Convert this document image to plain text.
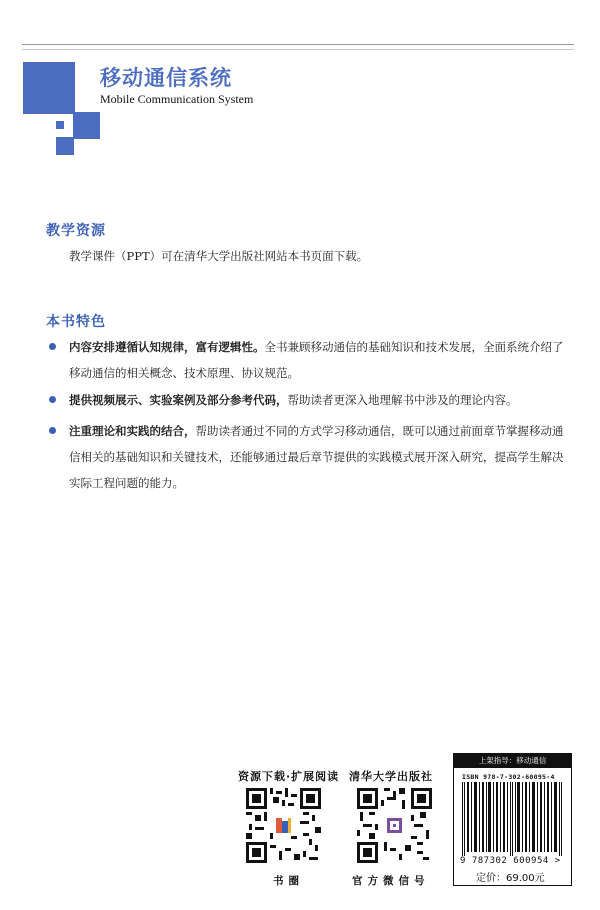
移动通信系统
Mobile Communication System
教学资源
教学课件（PPT）可在清华大学出版社网站本书页面下载。
本书特色
内容安排遵循认知规律，富有逻辑性。全书兼顾移动通信的基础知识和技术发展，全面系统介绍了
移动通信的相关概念、技术原理、协议规范。
提供视频展示、实验案例及部分参考代码，帮助读者更深入地理解书中涉及的理论内容。
注重理论和实践的结合，帮助读者通过不同的方式学习移动通信，既可以通过前面章节掌握移动通
信相关的基础知识和关键技术，还能够通过最后章节提供的实践模式展开深入研究，提高学生解决
实际工程问题的能力。
资源下载·扩展阅读
书圈
清华大学出版社
官方微信号
上架指导：移动通信
ISBN 978-7-302-60095-4
9 787302 600954 >
定价：69.00元
